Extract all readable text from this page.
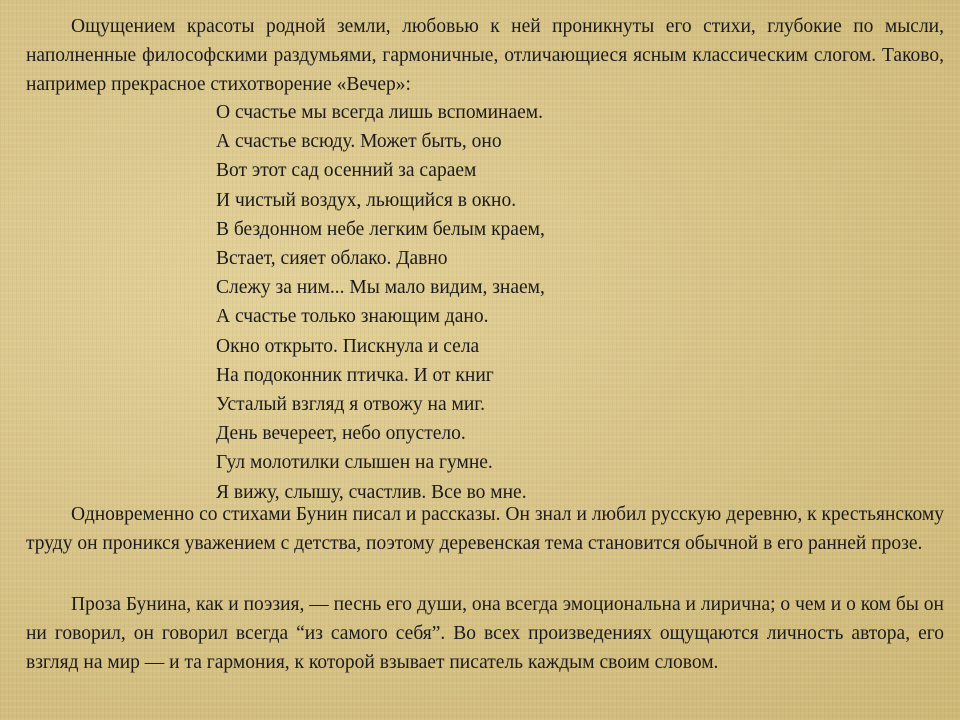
Ощущением красоты родной земли, любовью к ней проникнуты его стихи, глубокие по мысли, наполненные философскими раздумьями, гармоничные, отличающиеся ясным классическим слогом. Таково, например прекрасное стихотворение «Вечер»:

О счастье мы всегда лишь вспоминаем.
А счастье всюду. Может быть, оно
Вот этот сад осенний за сараем
И чистый воздух, льющийся в окно.
В бездонном небе легким белым краем,
Встает, сияет облако. Давно
Слежу за ним... Мы мало видим, знаем,
А счастье только знающим дано.
Окно открыто. Пискнула и села
На подоконник птичка. И от книг
Усталый взгляд я отвожу на миг.
День вечереет, небо опустело.
Гул молотилки слышен на гумне.
Я вижу, слышу, счастлив. Все во мне.

Одновременно со стихами Бунин писал и рассказы. Он знал и любил русскую деревню, к крестьянскому труду он проникся уважением с детства, поэтому деревенская тема становится обычной в его ранней прозе.

Проза Бунина, как и поэзия, — песнь его души, она всегда эмоциональна и лирична; о чем и о ком бы он ни говорил, он говорил всегда “из самого себя”. Во всех произведениях ощущаются личность автора, его взгляд на мир — и та гармония, к которой взывает писатель каждым своим словом.
